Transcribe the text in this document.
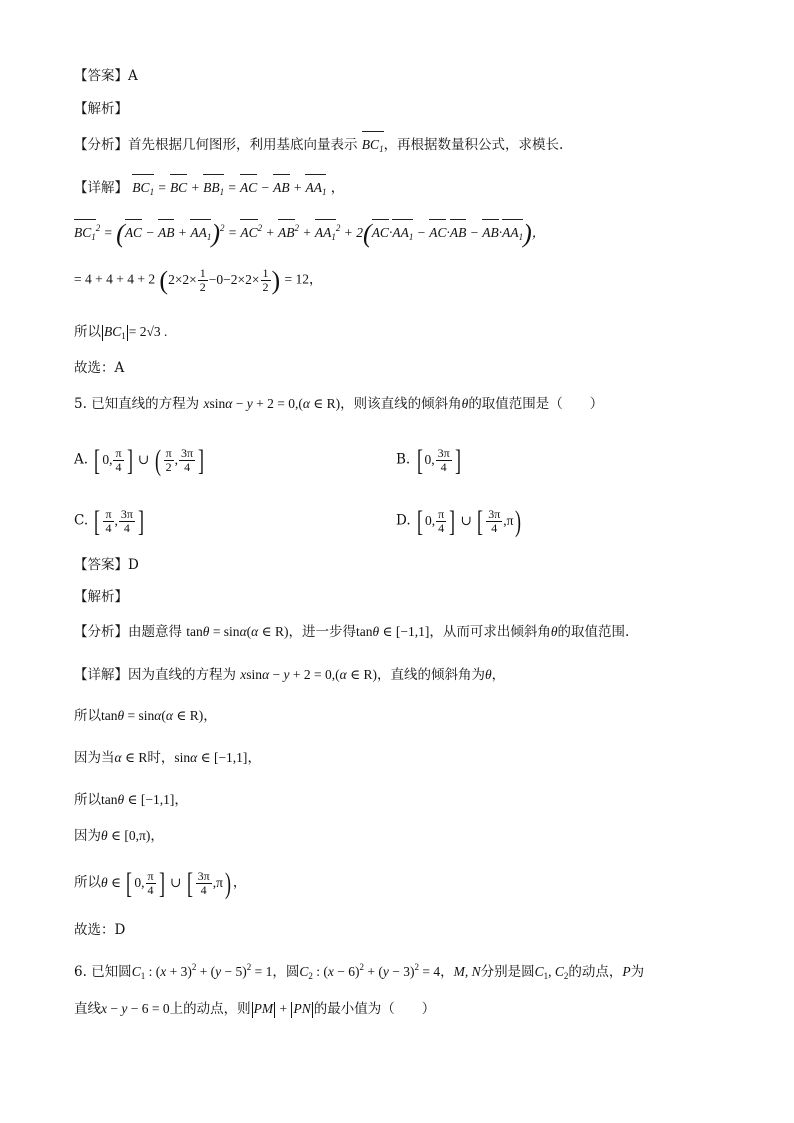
【答案】A
【解析】
【分析】首先根据几何图形，利用基底向量表示 $BC_1$，再根据数量积公式，求模长.
【详解】 $BC_1$ = BC + $BB_1$ = AC − AB + $AA_1$ ，
$BC_1^2 = (AC$ − AB + $AA_1)^2 = AC^2 + AB^2 + AA_1^2 + 2(AC\cdot AA_1 - AC\cdot AB - AB\cdot AA_1)$，
= 4 + 4 + 4 + 2 ($2\times 2\times \frac{1}{2} -0-2\times 2\times \frac{1}{2}$ ) = 12，
所以 $BC_1 = 2√3$ .
故选：A
5. 已知直线的方程为 xsinα − y + 2 = 0,(α ∈ R)，则该直线的倾斜角θ的取值范围是（　　）
A. [ 0, $\frac{\pi}{4}$ ] ∪ ( $\frac{\pi}{2}$ , $\frac{3\pi}{4}$ ]	B. [ 0, $\frac{3\pi}{4}$ ]
C. [ $\frac{\pi}{4}$ , $\frac{3\pi}{4}$ ]	D. [ 0, $\frac{\pi}{4}$ ] ∪ [ $\frac{3\pi}{4} ,\pi$)
【答案】D
【解析】
【分析】由题意得 tanθ = sinα(α ∈ R)，进一步得tanθ ∈ [−1,1]，从而可求出倾斜角θ的取值范围.
【详解】因为直线的方程为 xsinα − y + 2 = 0,(α ∈ R)，直线的倾斜角为θ，
所以tanθ = sinα(α ∈ R)，
因为当α ∈ R时，sinα ∈ [−1,1]，
所以tanθ ∈ [−1,1]，
因为θ ∈ [0,π)，
所以θ ∈ [ 0, $\frac{\pi}{4}$ ] ∪ [ $\frac{3\pi}{4} ,\pi$) ，
故选：D
6. 已知圆$C_1$ : $(x + 3)^2 + (y - 5)^2 = 1$，圆$C_2$ : $(x - 6)^2 + (y - 3)^2 = 4$，M, N分别是圆$C_1$, $C_2$的动点，P为
直线x − y − 6 = 0上的动点，则 PM + PN 的最小值为（　　）
